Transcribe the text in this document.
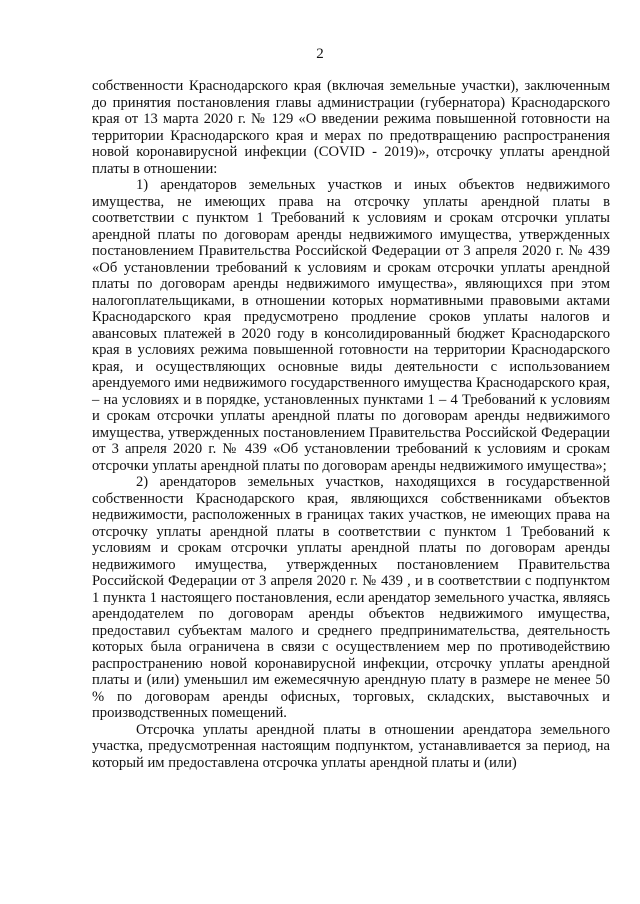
2

собственности Краснодарского края (включая земельные участки), заключенным до принятия постановления главы администрации (губернатора) Краснодарского края от 13 марта 2020 г. № 129 «О введении режима повышенной готовности на территории Краснодарского края и мерах по предотвращению распространения новой коронавирусной инфекции (COVID - 2019)», отсрочку уплаты арендной платы в отношении:

1) арендаторов земельных участков и иных объектов недвижимого имущества, не имеющих права на отсрочку уплаты арендной платы в соответствии с пунктом 1 Требований к условиям и срокам отсрочки уплаты арендной платы по договорам аренды недвижимого имущества, утвержденных постановлением Правительства Российской Федерации от 3 апреля 2020 г. № 439 «Об установлении требований к условиям и срокам отсрочки уплаты арендной платы по договорам аренды недвижимого имущества», являющихся при этом налогоплательщиками, в отношении которых нормативными правовыми актами Краснодарского края предусмотрено продление сроков уплаты налогов и авансовых платежей в 2020 году в консолидированный бюджет Краснодарского края в условиях режима повышенной готовности на территории Краснодарского края, и осуществляющих основные виды деятельности с использованием арендуемого ими недвижимого государственного имущества Краснодарского края, – на условиях и в порядке, установленных пунктами 1 – 4 Требований к условиям и срокам отсрочки уплаты арендной платы по договорам аренды недвижимого имущества, утвержденных постановлением Правительства Российской Федерации от 3 апреля 2020 г. № 439 «Об установлении требований к условиям и срокам отсрочки уплаты арендной платы по договорам аренды недвижимого имущества»;

2) арендаторов земельных участков, находящихся в государственной собственности Краснодарского края, являющихся собственниками объектов недвижимости, расположенных в границах таких участков, не имеющих права на отсрочку уплаты арендной платы в соответствии с пунктом 1 Требований к условиям и срокам отсрочки уплаты арендной платы по договорам аренды недвижимого имущества, утвержденных постановлением Правительства Российской Федерации от 3 апреля 2020 г. № 439 , и в соответствии с подпунктом 1 пункта 1 настоящего постановления, если арендатор земельного участка, являясь арендодателем по договорам аренды объектов недвижимого имущества, предоставил субъектам малого и среднего предпринимательства, деятельность которых была ограничена в связи с осуществлением мер по противодействию распространению новой коронавирусной инфекции, отсрочку уплаты арендной платы и (или) уменьшил им ежемесячную арендную плату в размере не менее 50 % по договорам аренды офисных, торговых, складских, выставочных и производственных помещений.

Отсрочка уплаты арендной платы в отношении арендатора земельного участка, предусмотренная настоящим подпунктом, устанавливается за период, на который им предоставлена отсрочка уплаты арендной платы и (или)
